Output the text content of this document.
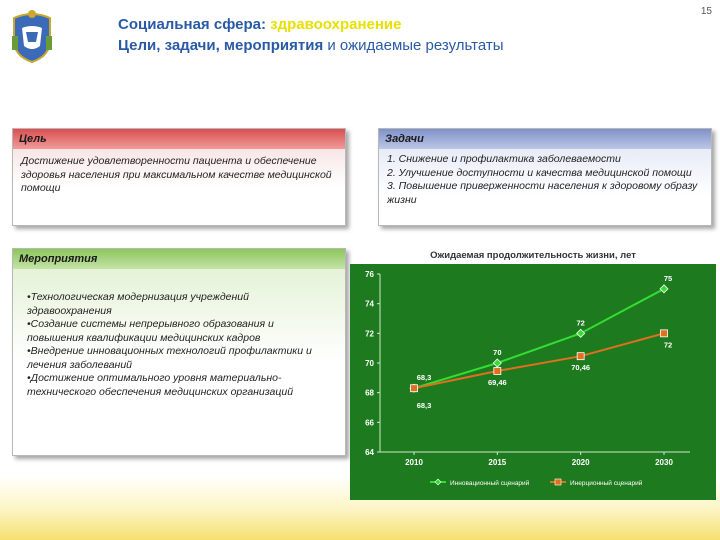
15
Социальная сфера: здравоохранение
Цели, задачи, мероприятия и ожидаемые результаты
Цель
Достижение удовлетворенности пациента и обеспечение здоровья населения при максимальном качестве медицинской помощи
Задачи
1. Снижение и профилактика заболеваемости
2. Улучшение доступности и качества медицинской помощи
3. Повышение приверженности населения к здоровому образу жизни
Мероприятия
•Технологическая модернизация учреждений здравоохранения
•Создание системы непрерывного образования и повышения квалификации медицинских кадров
•Внедрение инновационных технологий профилактики и лечения заболеваний
•Достижение оптимального уровня материально-технического обеспечения медицинских организаций
Ожидаемая продолжительность жизни, лет
76
74
72
70
68
66
64
2010	2015	2020	2030
68,3
70
72
75
68,3
69,46
70,46
72
Инновационный сценарий	Инерционный сценарий
